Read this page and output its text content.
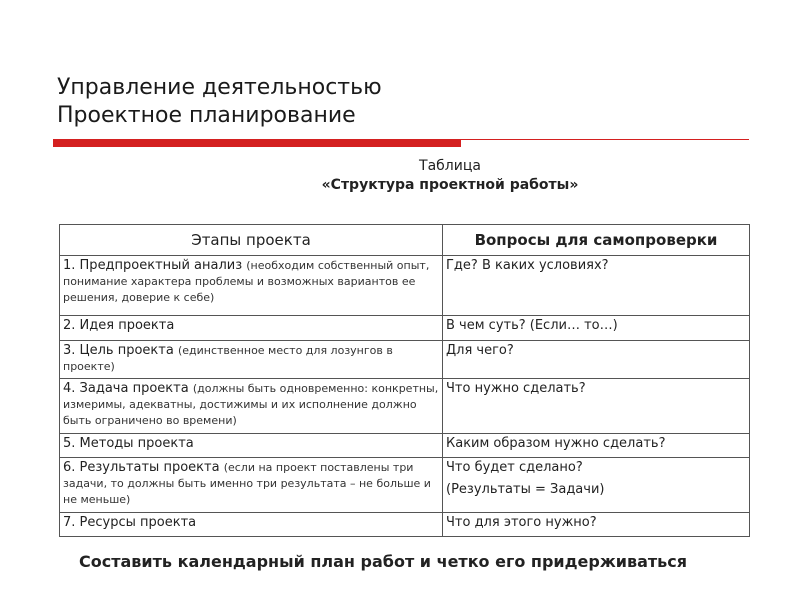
Управление деятельностью
Проектное планирование
Таблица
«Структура проектной работы»
Этапы проекта	Вопросы для самопроверки
1. Предпроектный анализ (необходим собственный опыт, понимание характера проблемы и возможных вариантов ее решения, доверие к себе)	Где? В каких условиях?
2. Идея проекта	В чем суть? (Если… то…)
3. Цель проекта (единственное место для лозунгов в проекте)	Для чего?
4. Задача проекта (должны быть одновременно: конкретны, измеримы, адекватны, достижимы и их исполнение должно быть ограничено во времени)	Что нужно сделать?
5. Методы проекта	Каким образом нужно сделать?
6. Результаты проекта (если на проект поставлены три задачи, то должны быть именно три результата – не больше и не меньше)	Что будет сделано?
(Результаты = Задачи)

7. Ресурсы проекта	Что для этого нужно?
Составить календарный план работ и четко его придерживаться
